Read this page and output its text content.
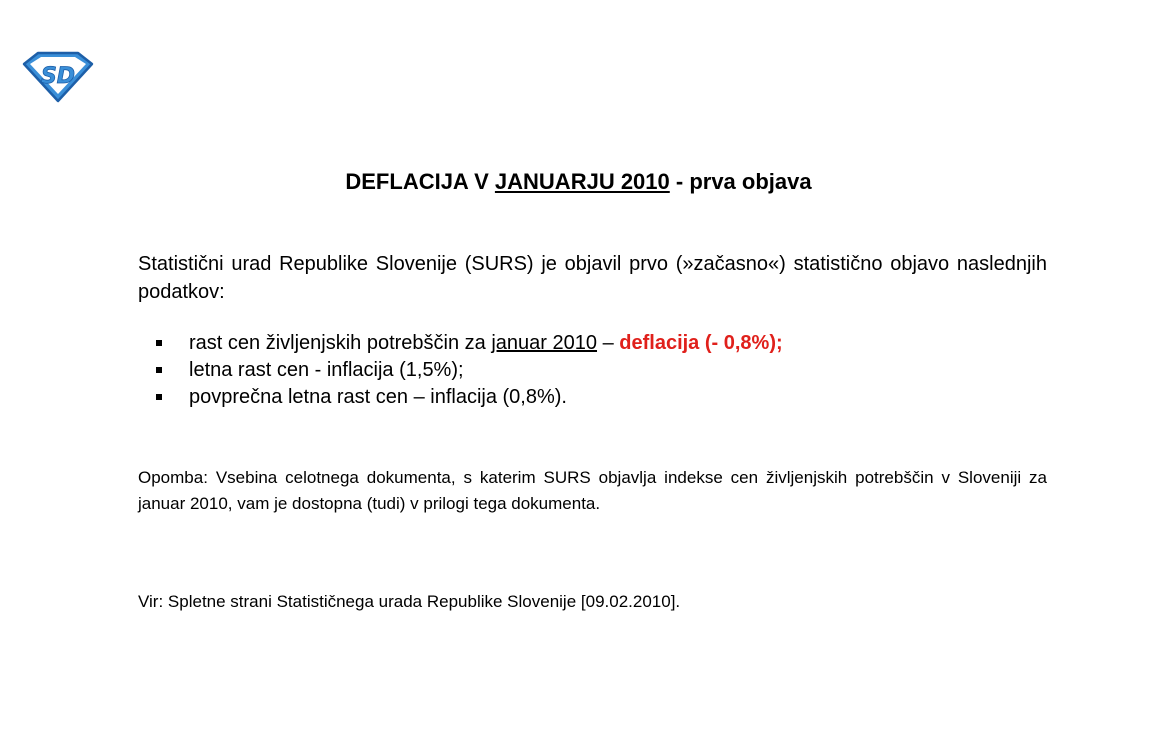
SD
DEFLACIJA V JANUARJU 2010 - prva objava
Statistični urad Republike Slovenije (SURS) je objavil prvo (»začasno«) statistično objavo naslednjih podatkov:
rast cen življenjskih potrebščin za januar 2010 – deflacija (- 0,8%);
letna rast cen - inflacija (1,5%);
povprečna letna rast cen – inflacija (0,8%).
Opomba: Vsebina celotnega dokumenta, s katerim SURS objavlja indekse cen življenjskih potrebščin v Sloveniji za januar 2010, vam je dostopna (tudi) v prilogi tega dokumenta.
Vir: Spletne strani Statističnega urada Republike Slovenije [09.02.2010].
